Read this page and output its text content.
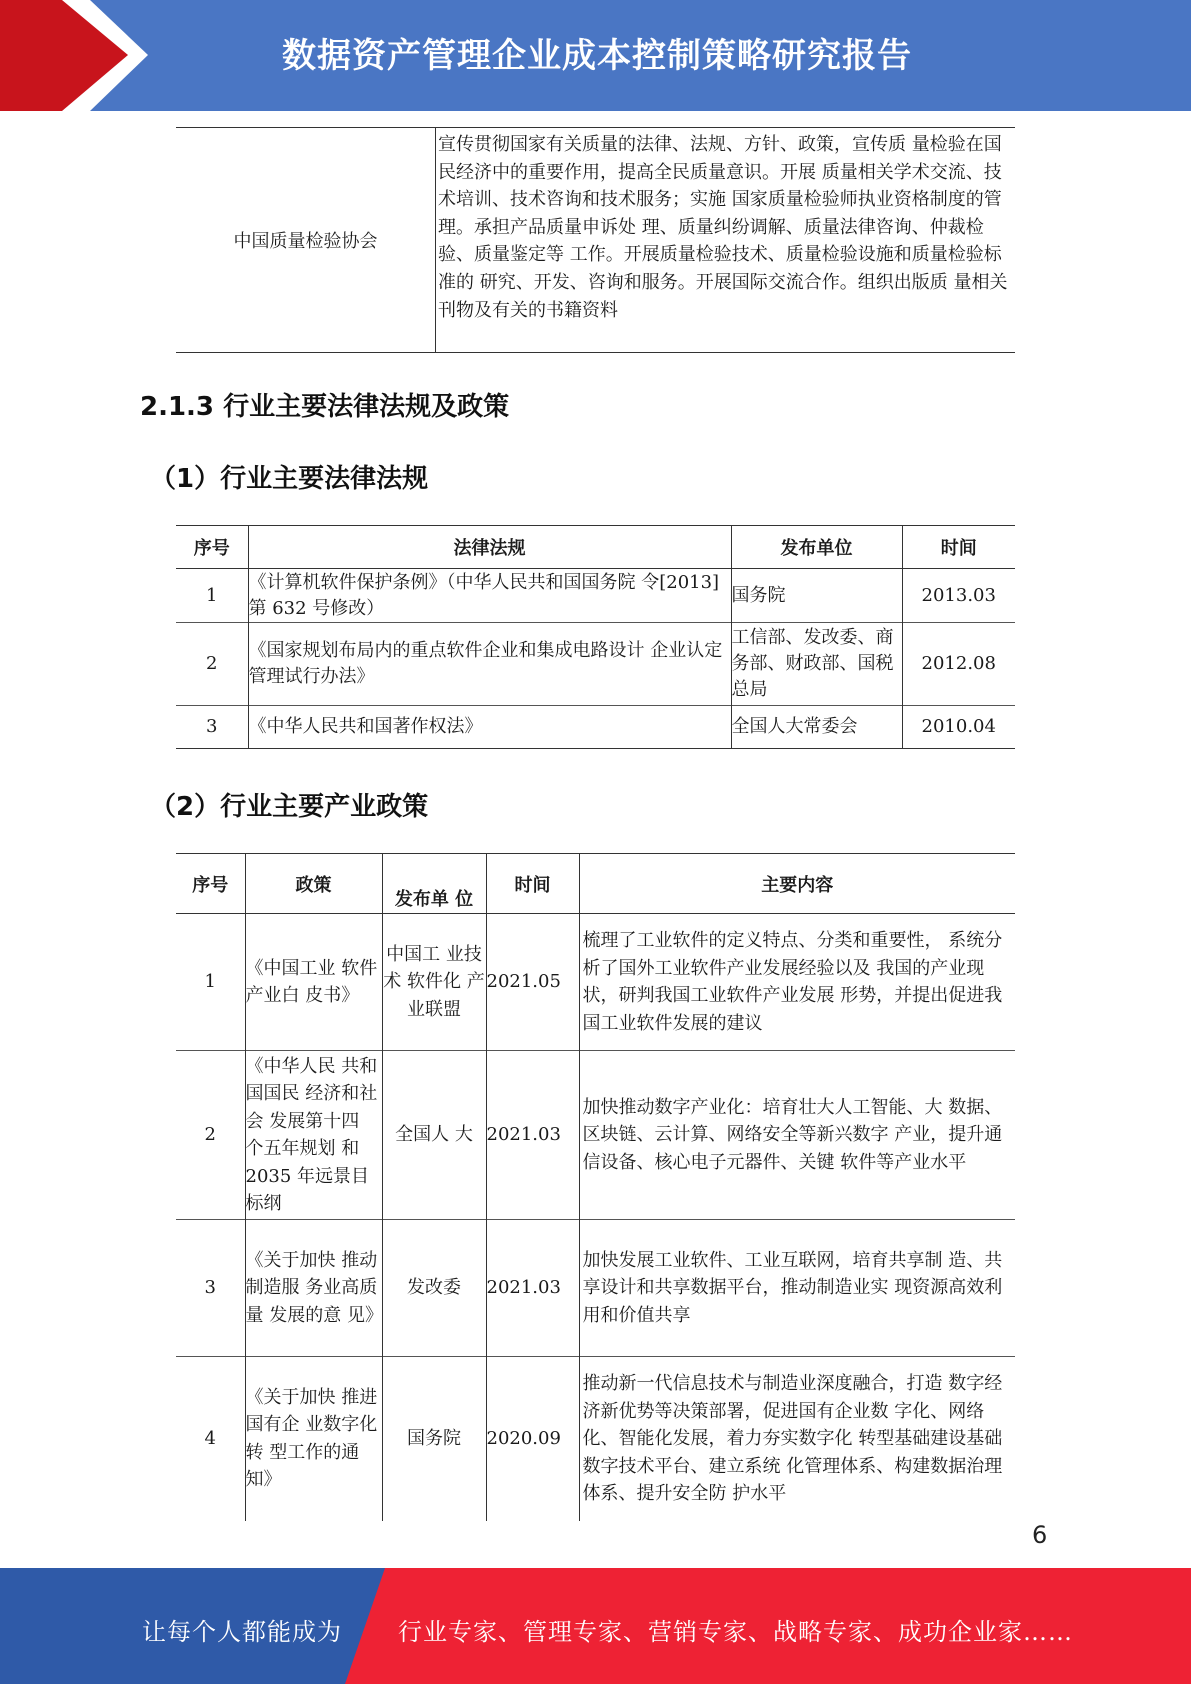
数据资产管理企业成本控制策略研究报告
中国质量检验协会	宣传贯彻国家有关质量的法律、法规、方针、政策，宣传质 量检验在国民经济中的重要作用，提高全民质量意识。开展 质量相关学术交流、技术培训、技术咨询和技术服务；实施 国家质量检验师执业资格制度的管理。承担产品质量申诉处 理、质量纠纷调解、质量法律咨询、仲裁检验、质量鉴定等 工作。开展质量检验技术、质量检验设施和质量检验标准的 研究、开发、咨询和服务。开展国际交流合作。组织出版质 量相关刊物及有关的书籍资料
2.1.3 行业主要法律法规及政策
（1）行业主要法律法规
序号	法律法规	发布单位	时间
1	《计算机软件保护条例》（中华人民共和国国务院 令[2013]第 632 号修改）	国务院	2013.03
2	《国家规划布局内的重点软件企业和集成电路设计 企业认定管理试行办法》	工信部、发改委、商务部、财政部、国税总局	2012.08
3	《中华人民共和国著作权法》	全国人大常委会	2010.04
（2）行业主要产业政策
序号	政策	发布单 位	时间	主要内容
1	《中国工业 软件产业白 皮书》	中国工 业技术 软件化 产业联盟	2021.05	梳理了工业软件的定义特点、分类和重要性， 系统分析了国外工业软件产业发展经验以及 我国的产业现状，研判我国工业软件产业发展 形势，并提出促进我国工业软件发展的建议
2	《中华人民 共和国国民 经济和社会 发展第十四 个五年规划 和 2035 年远景目标纲	全国人 大	2021.03	加快推动数字产业化：培育壮大人工智能、大 数据、区块链、云计算、网络安全等新兴数字 产业，提升通信设备、核心电子元器件、关键 软件等产业水平
3	《关于加快 推动制造服 务业高质量 发展的意 见》	发改委	2021.03	加快发展工业软件、工业互联网，培育共享制 造、共享设计和共享数据平台，推动制造业实 现资源高效利用和价值共享
4	《关于加快 推进国有企 业数字化转 型工作的通 知》	国务院	2020.09	推动新一代信息技术与制造业深度融合，打造 数字经济新优势等决策部署，促进国有企业数 字化、网络化、智能化发展，着力夯实数字化 转型基础建设基础数字技术平台、建立系统 化管理体系、构建数据治理体系、提升安全防 护水平
6
让每个人都能成为 行业专家、管理专家、营销专家、战略专家、成功企业家……
